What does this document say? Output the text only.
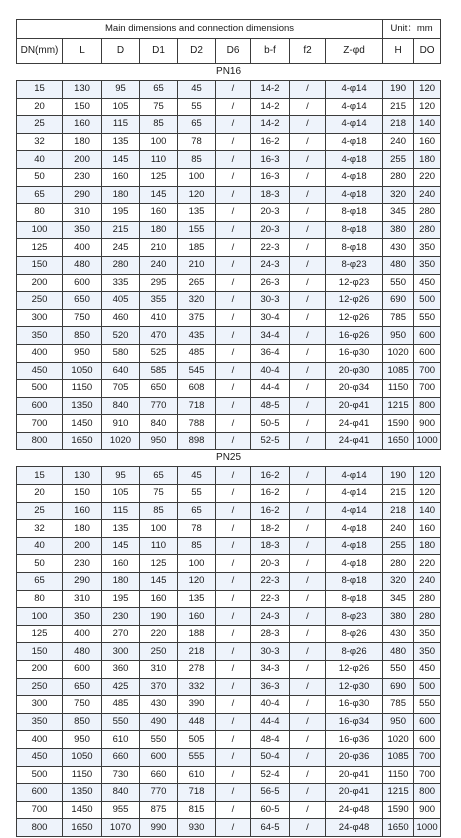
Main dimensions and connection dimensions									Unit：mm	
DN(mm)	L	D	D1	D2	D6	b-f	f2	Z-φd	H	DO
PN16										
15	130	95	65	45	/	14-2	/	4-φ14	190	120
20	150	105	75	55	/	14-2	/	4-φ14	215	120
25	160	115	85	65	/	14-2	/	4-φ14	218	140
32	180	135	100	78	/	16-2	/	4-φ18	240	160
40	200	145	110	85	/	16-3	/	4-φ18	255	180
50	230	160	125	100	/	16-3	/	4-φ18	280	220
65	290	180	145	120	/	18-3	/	4-φ18	320	240
80	310	195	160	135	/	20-3	/	8-φ18	345	280
100	350	215	180	155	/	20-3	/	8-φ18	380	280
125	400	245	210	185	/	22-3	/	8-φ18	430	350
150	480	280	240	210	/	24-3	/	8-φ23	480	350
200	600	335	295	265	/	26-3	/	12-φ23	550	450
250	650	405	355	320	/	30-3	/	12-φ26	690	500
300	750	460	410	375	/	30-4	/	12-φ26	785	550
350	850	520	470	435	/	34-4	/	16-φ26	950	600
400	950	580	525	485	/	36-4	/	16-φ30	1020	600
450	1050	640	585	545	/	40-4	/	20-φ30	1085	700
500	1150	705	650	608	/	44-4	/	20-φ34	1150	700
600	1350	840	770	718	/	48-5	/	20-φ41	1215	800
700	1450	910	840	788	/	50-5	/	24-φ41	1590	900
800	1650	1020	950	898	/	52-5	/	24-φ41	1650	1000
PN25										
15	130	95	65	45	/	16-2	/	4-φ14	190	120
20	150	105	75	55	/	16-2	/	4-φ14	215	120
25	160	115	85	65	/	16-2	/	4-φ14	218	140
32	180	135	100	78	/	18-2	/	4-φ18	240	160
40	200	145	110	85	/	18-3	/	4-φ18	255	180
50	230	160	125	100	/	20-3	/	4-φ18	280	220
65	290	180	145	120	/	22-3	/	8-φ18	320	240
80	310	195	160	135	/	22-3	/	8-φ18	345	280
100	350	230	190	160	/	24-3	/	8-φ23	380	280
125	400	270	220	188	/	28-3	/	8-φ26	430	350
150	480	300	250	218	/	30-3	/	8-φ26	480	350
200	600	360	310	278	/	34-3	/	12-φ26	550	450
250	650	425	370	332	/	36-3	/	12-φ30	690	500
300	750	485	430	390	/	40-4	/	16-φ30	785	550
350	850	550	490	448	/	44-4	/	16-φ34	950	600
400	950	610	550	505	/	48-4	/	16-φ36	1020	600
450	1050	660	600	555	/	50-4	/	20-φ36	1085	700
500	1150	730	660	610	/	52-4	/	20-φ41	1150	700
600	1350	840	770	718	/	56-5	/	20-φ41	1215	800
700	1450	955	875	815	/	60-5	/	24-φ48	1590	900
800	1650	1070	990	930	/	64-5	/	24-φ48	1650	1000
